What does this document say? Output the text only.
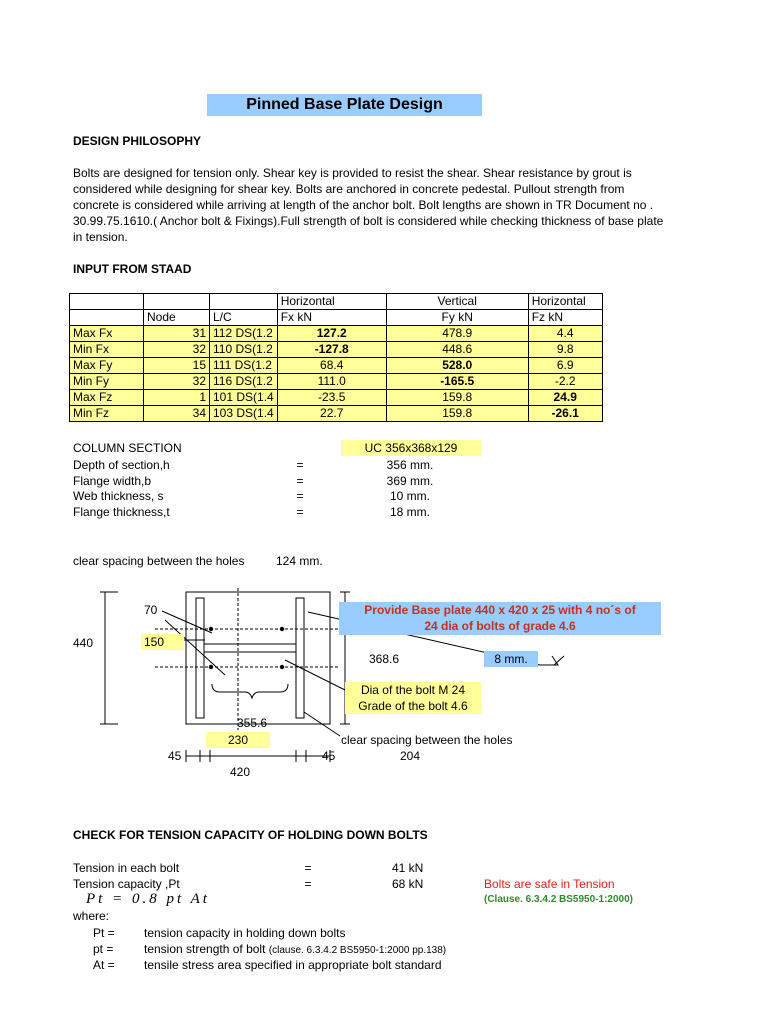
Pinned Base Plate Design
DESIGN PHILOSOPHY
Bolts are designed for tension only. Shear key is provided to resist the shear. Shear resistance by grout is considered while designing for shear key. Bolts are anchored in concrete pedestal. Pullout strength from concrete is considered while arriving at length of the anchor bolt. Bolt lengths are shown in TR Document no . 30.99.75.1610.( Anchor bolt & Fixings).Full strength of bolt is considered while checking thickness of base plate in tension.
INPUT FROM STAAD
			Horizontal	Vertical	Horizontal
	Node	L/C	Fx kN	Fy kN	Fz kN
Max Fx	31	112 DS(1.2	127.2	478.9	4.4
Min Fx	32	110 DS(1.2	-127.8	448.6	9.8
Max Fy	15	111 DS(1.2	68.4	528.0	6.9
Min Fy	32	116 DS(1.2	111.0	-165.5	-2.2
Max Fz	1	101 DS(1.4	-23.5	159.8	24.9
Min Fz	34	103 DS(1.4	22.7	159.8	-26.1
COLUMN SECTION	UC 356x368x129
Depth of section,h	=	356 mm.
Flange width,b	=	369 mm.
Web thickness, s	=	10 mm.
Flange thickness,t	=	18 mm.
clear spacing between the holes	124 mm.
70
440	150
368.6
Provide Base plate 440 x 420 x 25 with 4 no´s of
24 dia of bolts of grade 4.6
8 mm.
Dia of the bolt M 24
Grade of the bolt 4.6
355.6
230	clear spacing between the holes
45	45	204
420
CHECK FOR TENSION CAPACITY OF HOLDING DOWN BOLTS
Tension in each bolt	=	41 kN
Tension capacity ,Pt	=	68 kN	Bolts are safe in Tension
(Clause. 6.3.4.2 BS5950-1:2000)
Pt = 0.8 pt At
where:
Pt = tension capacity in holding down bolts
pt =	tension strength of bolt (clause. 6.3.4.2 BS5950-1:2000 pp.138)
At = tensile stress area specified in appropriate bolt standard
